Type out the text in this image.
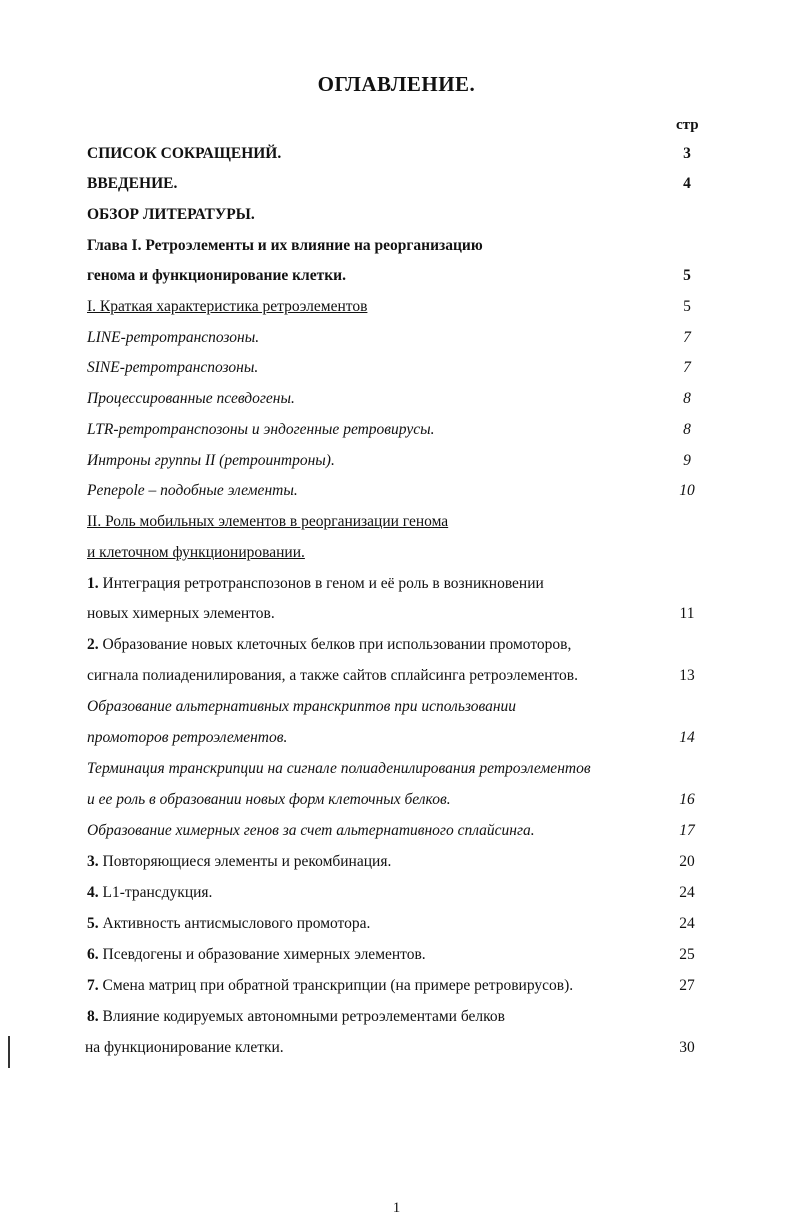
ОГЛАВЛЕНИЕ.
стр
СПИСОК СОКРАЩЕНИЙ.	3
ВВЕДЕНИЕ.	4
ОБЗОР ЛИТЕРАТУРЫ.
Глава I. Ретроэлементы и их влияние на реорганизацию
генома и функционирование клетки.	5
I. Краткая характеристика ретроэлементов	5
LINE-ретротранспозоны.	7
SINE-ретротранспозоны.	7
Процессированные псевдогены.	8
LTR-ретротранспозоны и эндогенные ретровирусы.	8
Интроны группы II (ретроинтроны).	9
Penepole – подобные элементы.	10
II. Роль мобильных элементов в реорганизации генома
и клеточном функционировании.
1. Интеграция ретротранспозонов в геном и её роль в возникновении
новых химерных элементов.	11
2. Образование новых клеточных белков при использовании промоторов,
сигнала полиаденилирования, а также сайтов сплайсинга ретроэлементов.	13
Образование альтернативных транскриптов при использовании
промоторов ретроэлементов.	14
Терминация транскрипции на сигнале полиаденилирования ретроэлементов
и ее роль в образовании новых форм клеточных белков.	16
Образование химерных генов за счет альтернативного сплайсинга.	17
3. Повторяющиеся элементы и рекомбинация.	20
4. L1-трансдукция.	24
5. Активность антисмыслового промотора.	24
6. Псевдогены и образование химерных элементов.	25
7. Смена матриц при обратной транскрипции (на примере ретровирусов).	27
8. Влияние кодируемых автономными ретроэлементами белков
на функционирование клетки.	30
1
